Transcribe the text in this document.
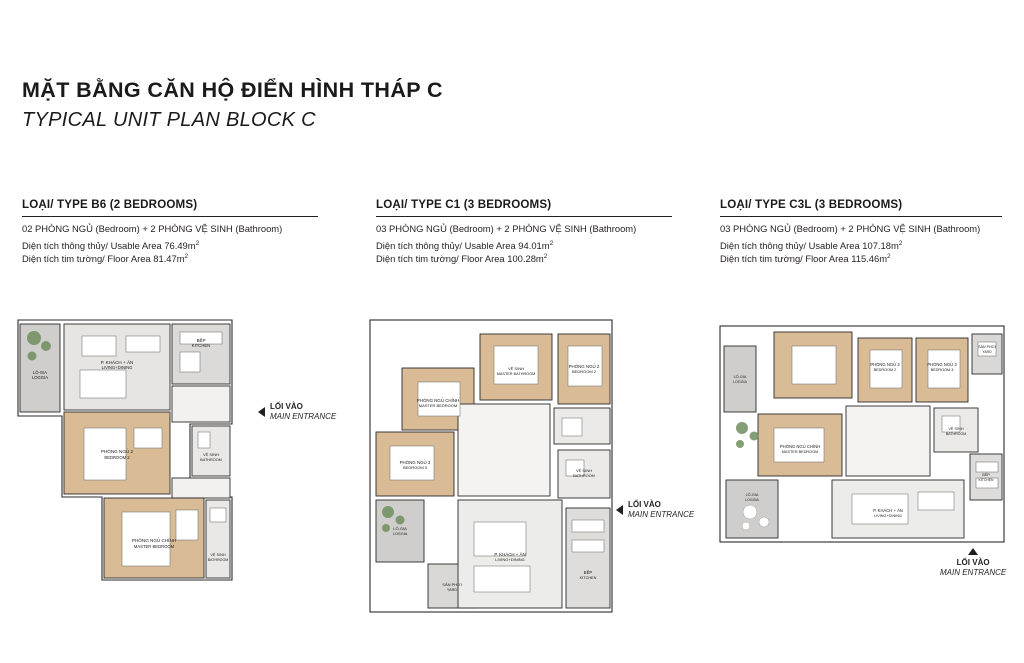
MẶT BẰNG CĂN HỘ ĐIỂN HÌNH THÁP C
TYPICAL UNIT PLAN BLOCK C
LOẠI/ TYPE B6 (2 BEDROOMS)
02 PHÒNG NGỦ (Bedroom) + 2 PHÒNG VỆ SINH (Bathroom)
Diện tích thông thủy/ Usable Area $76.49m^2$
Diện tích tim tường/ Floor Area $81.47m^2$
LÔ-GIA
LOGGIA
P. KHÁCH + ĂN
LIVING+DINING
BẾP
KITCHEN
PHÒNG NGỦ 2
BEDROOM 2
VỆ SINH
BATHROOM
PHÒNG NGỦ CHÍNH
MASTER BEDROOM
VỆ SINH
BATHROOM
LỐI VÀO
MAIN ENTRANCE
LOẠI/ TYPE C1 (3 BEDROOMS)
03 PHÒNG NGỦ (Bedroom) + 2 PHÒNG VỆ SINH (Bathroom)
Diện tích thông thủy/ Usable Area $94.01m^2$
Diện tích tim tường/ Floor Area $100.28m^2$
PHÒNG NGỦ CHÍNH
MASTER BEDROOM
VỆ SINH
MASTER BATHROOM
PHÒNG NGỦ 2
BEDROOM 2
PHÒNG NGỦ 3
BEDROOM 3
VỆ SINH
BATHROOM
LÔ-GIA
LOGGIA
SÂN PHƠI
YARD
P. KHÁCH + ĂN
LIVING+DINING
BẾP
KITCHEN
LỐI VÀO
MAIN ENTRANCE
LOẠI/ TYPE C3L (3 BEDROOMS)
03 PHÒNG NGỦ (Bedroom) + 2 PHÒNG VỆ SINH (Bathroom)
Diện tích thông thủy/ Usable Area $107.18m^2$
Diện tích tim tường/ Floor Area $115.46m^2$
LÔ-GIA
LOGGIA
PHÒNG NGỦ 2
BEDROOM 2
PHÒNG NGỦ 3
BEDROOM 3
SÂN PHƠI
YARD
PHÒNG NGỦ CHÍNH
MASTER BEDROOM
VỆ SINH
BATHROOM
BẾP
KITCHEN
P. KHÁCH + ĂN
LIVING+DINING
LÔ-GIA
LOGGIA
LỐI VÀO
MAIN ENTRANCE
